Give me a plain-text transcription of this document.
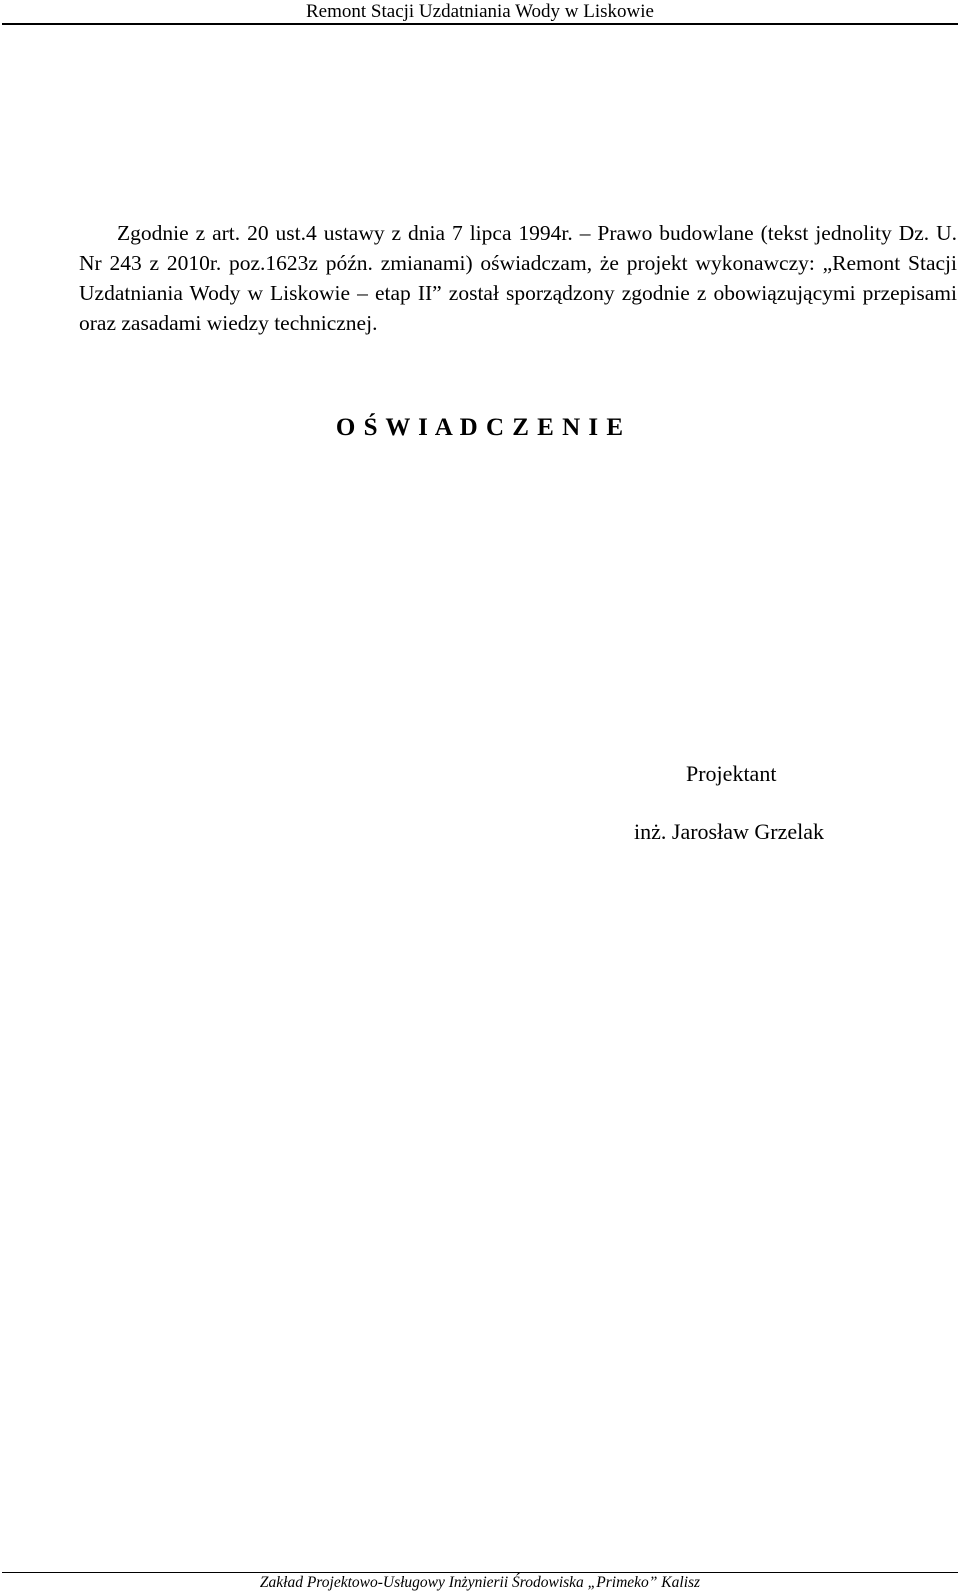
Remont Stacji Uzdatniania Wody w Liskowie

Zgodnie z art. 20 ust.4 ustawy z dnia 7 lipca 1994r. – Prawo budowlane (tekst jednolity Dz. U. Nr 243 z 2010r. poz.1623z późn. zmianami) oświadczam, że projekt wykonawczy: „Remont Stacji Uzdatniania Wody w Liskowie – etap II” został sporządzony zgodnie z obowiązującymi przepisami oraz zasadami wiedzy technicznej.

O Ś W I A D C Z E N I E
Projektant
inż. Jarosław Grzelak
Zakład Projektowo-Usługowy Inżynierii Środowiska „Primeko” Kalisz
